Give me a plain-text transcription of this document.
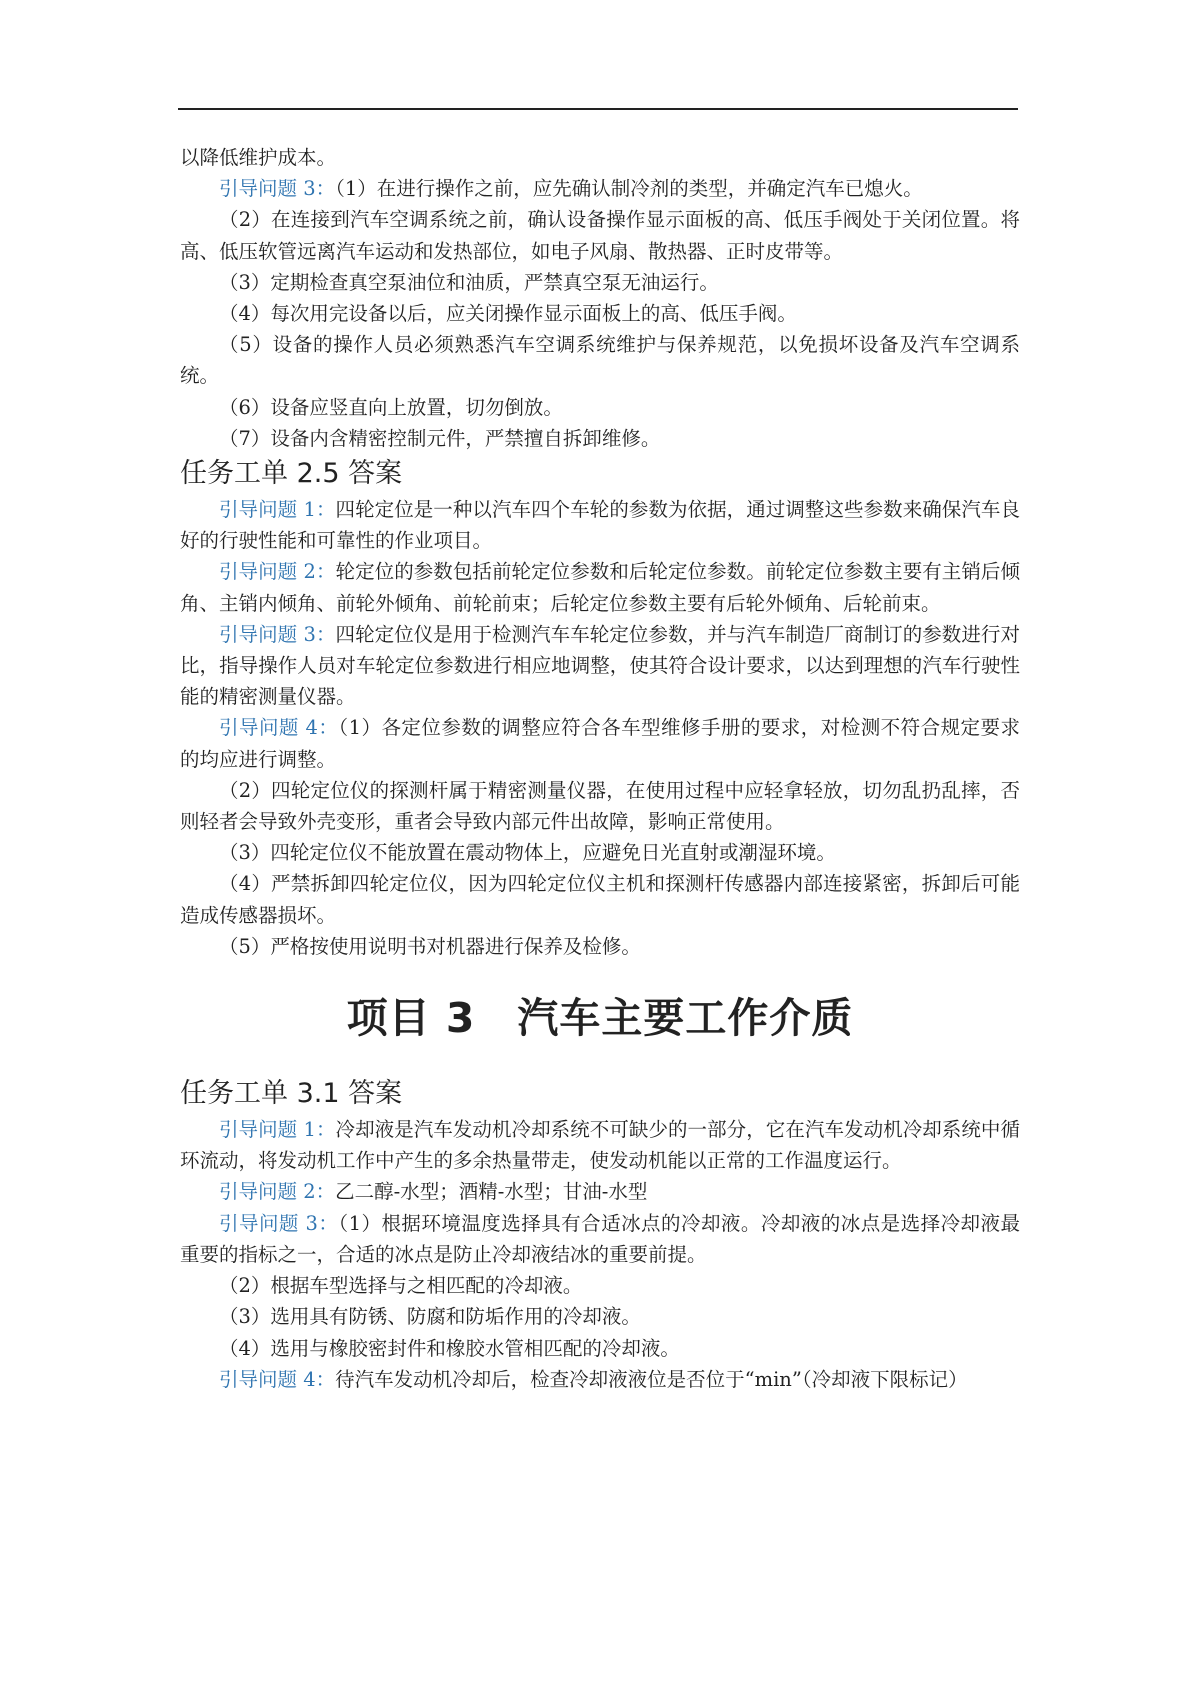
以降低维护成本。

引导问题 3：（1）在进行操作之前，应先确认制冷剂的类型，并确定汽车已熄火。

（2）在连接到汽车空调系统之前，确认设备操作显示面板的高、低压手阀处于关闭位置。将高、低压软管远离汽车运动和发热部位，如电子风扇、散热器、正时皮带等。

（3）定期检查真空泵油位和油质，严禁真空泵无油运行。

（4）每次用完设备以后，应关闭操作显示面板上的高、低压手阀。

（5）设备的操作人员必须熟悉汽车空调系统维护与保养规范，以免损坏设备及汽车空调系统。

（6）设备应竖直向上放置，切勿倒放。

（7）设备内含精密控制元件，严禁擅自拆卸维修。

任务工单 2.5 答案

引导问题 1：四轮定位是一种以汽车四个车轮的参数为依据，通过调整这些参数来确保汽车良好的行驶性能和可靠性的作业项目。

引导问题 2：轮定位的参数包括前轮定位参数和后轮定位参数。前轮定位参数主要有主销后倾角、主销内倾角、前轮外倾角、前轮前束；后轮定位参数主要有后轮外倾角、后轮前束。

引导问题 3：四轮定位仪是用于检测汽车车轮定位参数，并与汽车制造厂商制订的参数进行对比，指导操作人员对车轮定位参数进行相应地调整，使其符合设计要求，以达到理想的汽车行驶性能的精密测量仪器。

引导问题 4：（1）各定位参数的调整应符合各车型维修手册的要求，对检测不符合规定要求的均应进行调整。

（2）四轮定位仪的探测杆属于精密测量仪器，在使用过程中应轻拿轻放，切勿乱扔乱摔，否则轻者会导致外壳变形，重者会导致内部元件出故障，影响正常使用。

（3）四轮定位仪不能放置在震动物体上，应避免日光直射或潮湿环境。

（4）严禁拆卸四轮定位仪，因为四轮定位仪主机和探测杆传感器内部连接紧密，拆卸后可能造成传感器损坏。

（5）严格按使用说明书对机器进行保养及检修。

项目 3　汽车主要工作介质
任务工单 3.1 答案

引导问题 1：冷却液是汽车发动机冷却系统不可缺少的一部分，它在汽车发动机冷却系统中循环流动，将发动机工作中产生的多余热量带走，使发动机能以正常的工作温度运行。

引导问题 2：乙二醇-水型；酒精-水型；甘油-水型

引导问题 3：（1）根据环境温度选择具有合适冰点的冷却液。冷却液的冰点是选择冷却液最重要的指标之一，合适的冰点是防止冷却液结冰的重要前提。

（2）根据车型选择与之相匹配的冷却液。

（3）选用具有防锈、防腐和防垢作用的冷却液。

（4）选用与橡胶密封件和橡胶水管相匹配的冷却液。

引导问题 4：待汽车发动机冷却后，检查冷却液液位是否位于“min”（冷却液下限标记）
